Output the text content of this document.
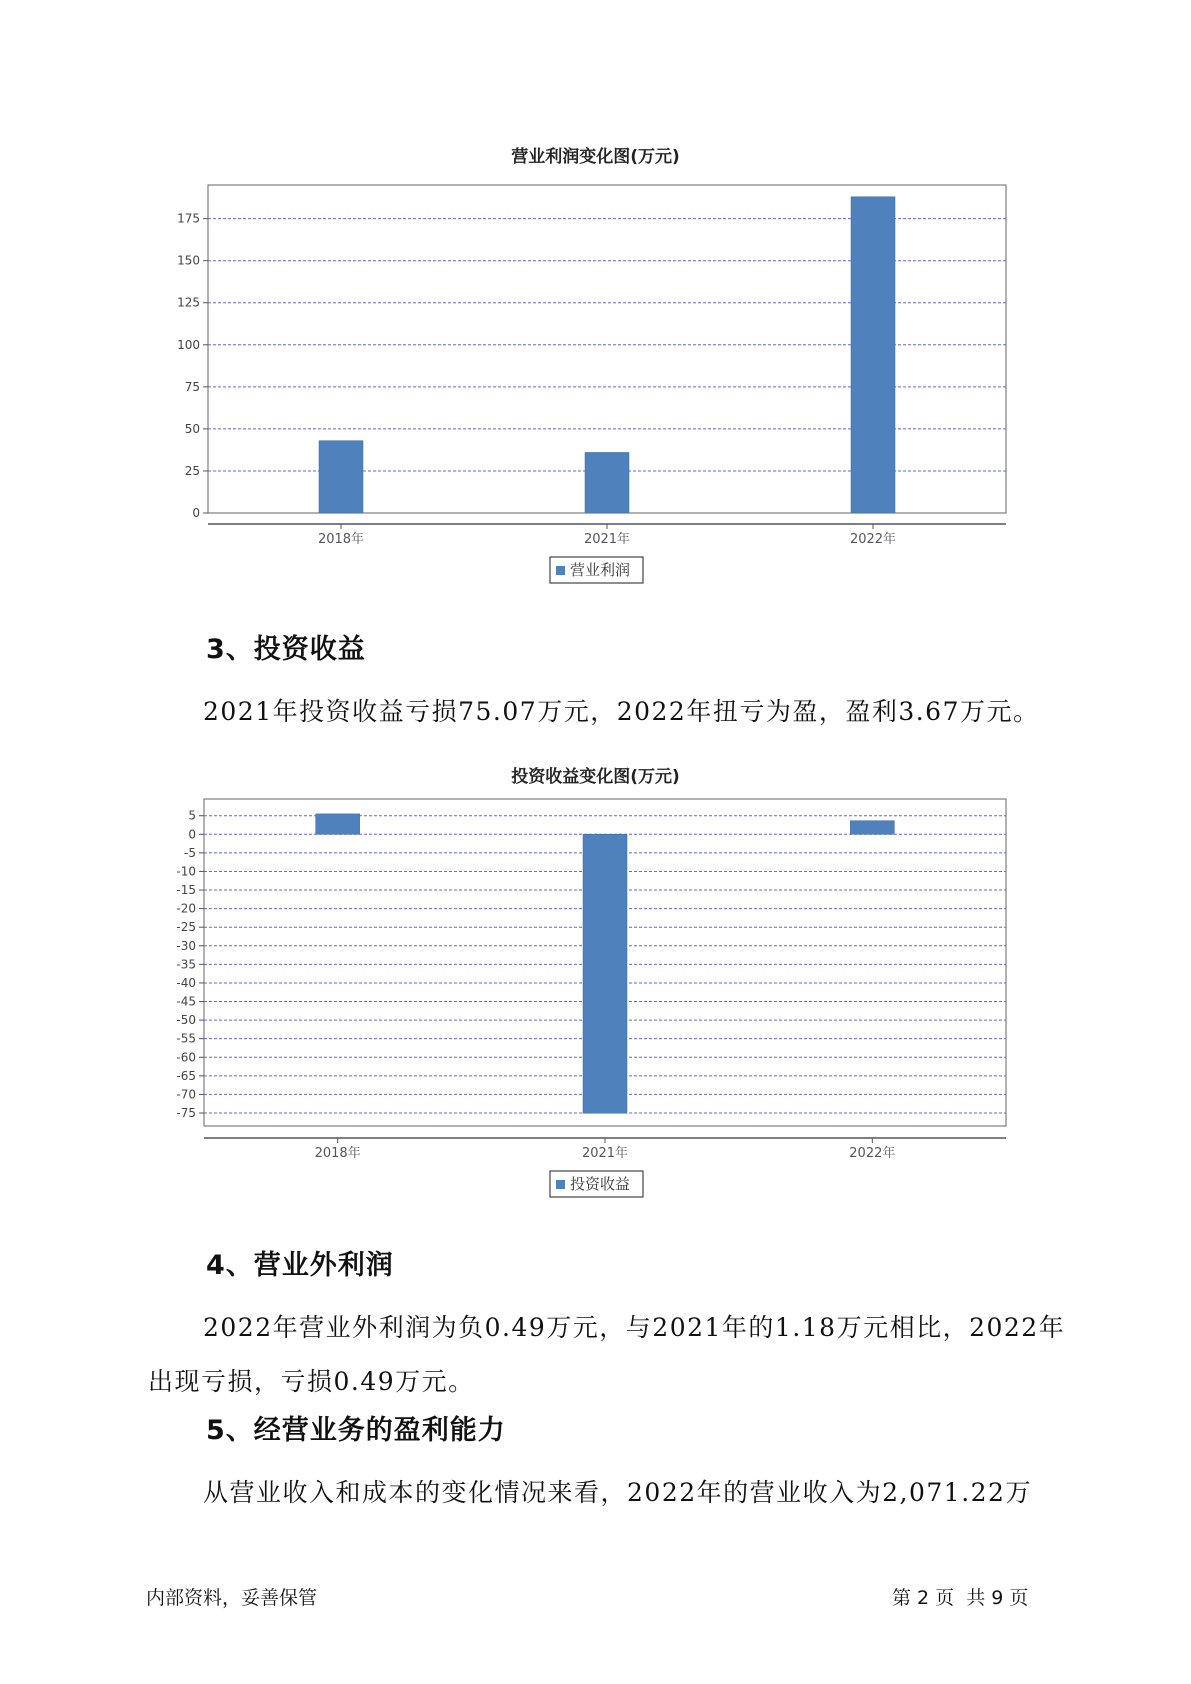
营业利润变化图(万元)
0
25
50
75
100
125
150
175
2018年	2021年	2022年
营业利润
3、投资收益
2021年投资收益亏损75.07万元，2022年扭亏为盈，盈利3.67万元。
投资收益变化图(万元)
5
0
-5
-10
-15
-20
-25
-30
-35
-40
-45
-50
-55
-60
-65
-70
-75
2018年	2021年	2022年
投资收益
4、营业外利润
2022年营业外利润为负0.49万元，与2021年的1.18万元相比，2022年
出现亏损，亏损0.49万元。
5、经营业务的盈利能力
从营业收入和成本的变化情况来看，2022年的营业收入为2,071.22万
内部资料，妥善保管	第 2 页  共 9 页
